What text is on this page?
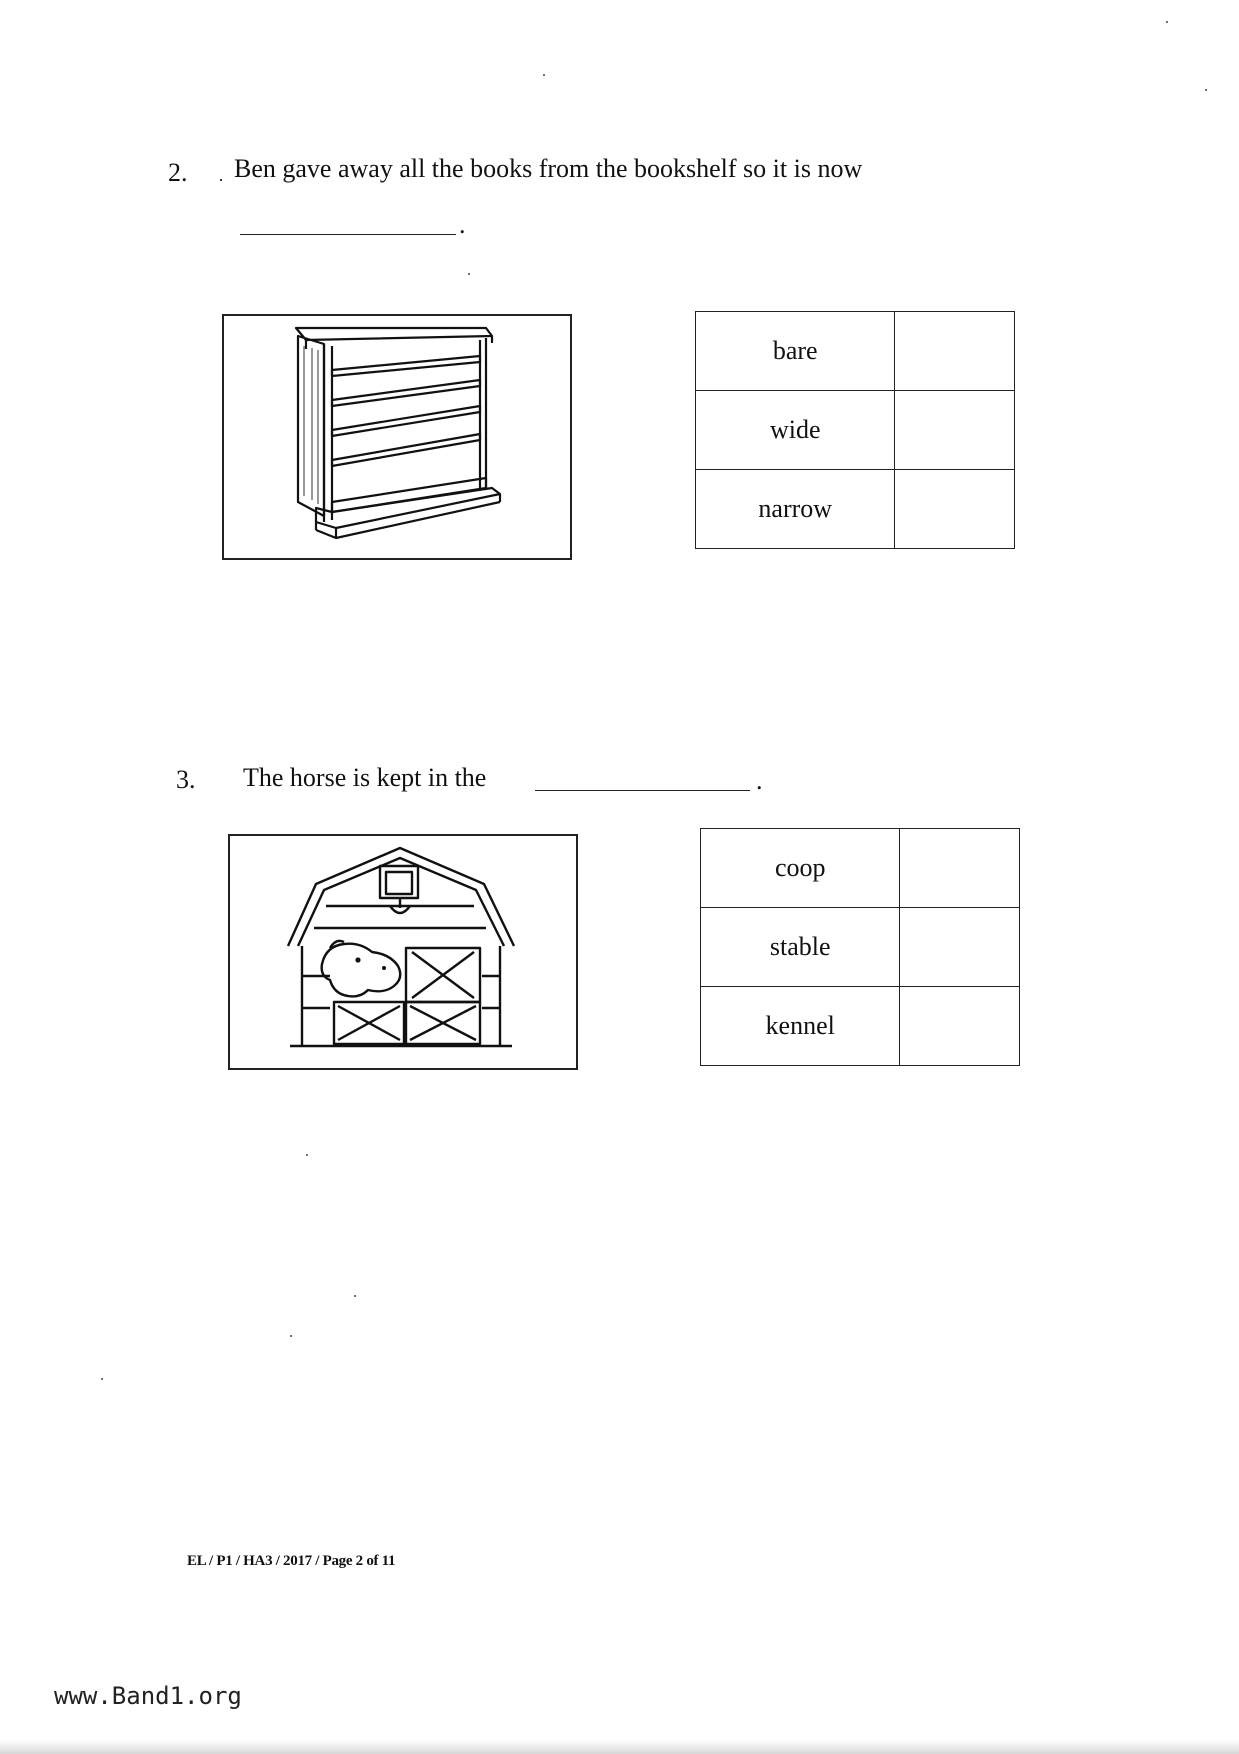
2. · Ben gave away all the books from the bookshelf so it is now
.
bare	
wide	
narrow	
3. The horse is kept in the	.
coop	
stable	
kennel	
EL / P1 / HA3 / 2017 / Page 2 of 11
www.Band1.org
